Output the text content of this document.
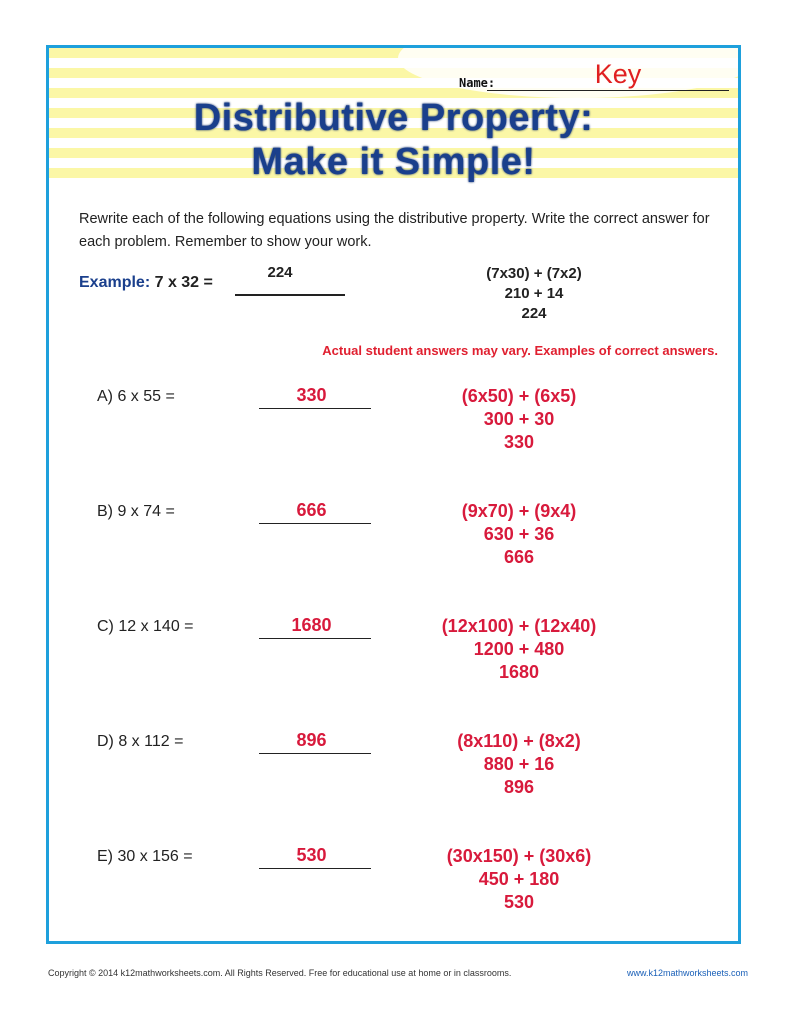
Name:	Key
Distributive Property:
Make it Simple!
Rewrite each of the following equations using the distributive property. Write the correct answer for each problem. Remember to show your work.
Example: 7 x 32 =
224	(7x30) + (7x2)
210 + 14
224
Actual student answers may vary. Examples of correct answers.
A) 6 x 55 =	330	(6x50) + (6x5)
300 + 30
330
B) 9 x 74 =	666	(9x70) + (9x4)
630 + 36
666
C) 12 x 140 =	1680	(12x100) + (12x40)
1200 + 480
1680
D) 8 x 112 =	896	(8x110) + (8x2)
880 + 16
896
E) 30 x 156 =	530	(30x150) + (30x6)
450 + 180
530
Copyright © 2014 k12mathworksheets.com. All Rights Reserved. Free for educational use at home or in classrooms.	www.k12mathworksheets.com
